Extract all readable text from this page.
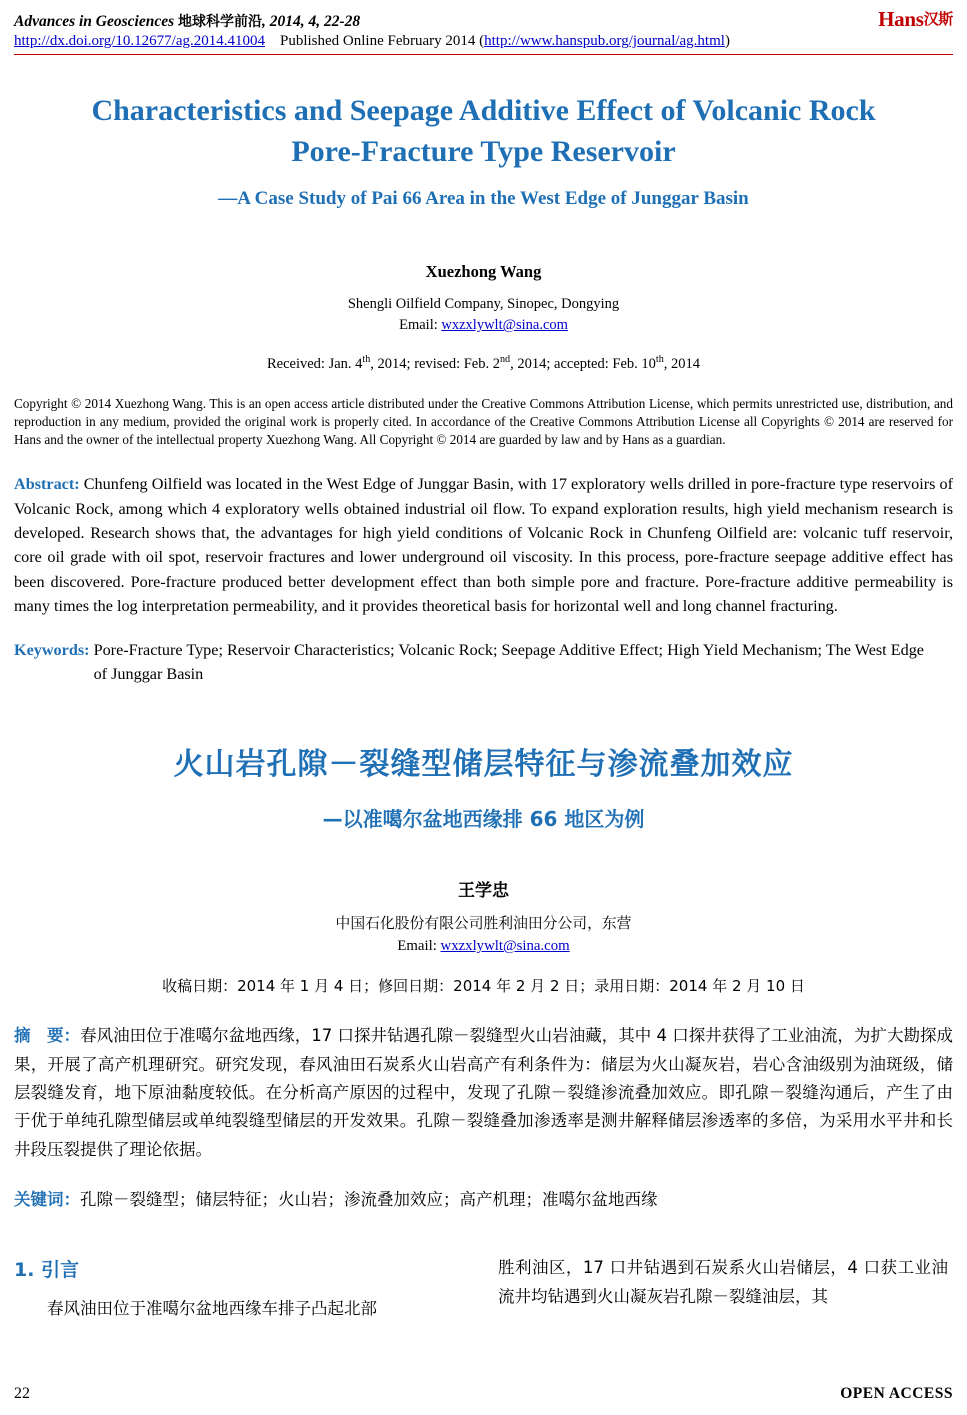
Advances in Geosciences 地球科学前沿, 2014, 4, 22-28	Hans汉斯
http://dx.doi.org/10.12677/ag.2014.41004 Published Online February 2014 (http://www.hanspub.org/journal/ag.html)
Characteristics and Seepage Additive Effect of Volcanic Rock Pore-Fracture Type Reservoir
—A Case Study of Pai 66 Area in the West Edge of Junggar Basin
Xuezhong Wang
Shengli Oilfield Company, Sinopec, Dongying
Email: wxzxlywlt@sina.com
Received: Jan. 4th, 2014; revised: Feb. 2nd, 2014; accepted: Feb. 10th, 2014
Copyright © 2014 Xuezhong Wang. This is an open access article distributed under the Creative Commons Attribution License, which permits unrestricted use, distribution, and reproduction in any medium, provided the original work is properly cited. In accordance of the Creative Commons Attribution License all Copyrights © 2014 are reserved for Hans and the owner of the intellectual property Xuezhong Wang. All Copyright © 2014 are guarded by law and by Hans as a guardian.
Abstract: Chunfeng Oilfield was located in the West Edge of Junggar Basin, with 17 exploratory wells drilled in pore-fracture type reservoirs of Volcanic Rock, among which 4 exploratory wells obtained industrial oil flow. To expand exploration results, high yield mechanism research is developed. Research shows that, the advantages for high yield conditions of Volcanic Rock in Chunfeng Oilfield are: volcanic tuff reservoir, core oil grade with oil spot, reservoir fractures and lower underground oil viscosity. In this process, pore-fracture seepage additive effect has been discovered. Pore-fracture produced better development effect than both simple pore and fracture. Pore-fracture additive permeability is many times the log interpretation permeability, and it provides theoretical basis for horizontal well and long channel fracturing.
Keywords: Pore-Fracture Type; Reservoir Characteristics; Volcanic Rock; Seepage Additive Effect; High Yield Mechanism; The West Edge of Junggar Basin
火山岩孔隙－裂缝型储层特征与渗流叠加效应
—以准噶尔盆地西缘排 66 地区为例
王学忠
中国石化股份有限公司胜利油田分公司，东营
Email: wxzxlywlt@sina.com
收稿日期：2014 年 1 月 4 日；修回日期：2014 年 2 月 2 日；录用日期：2014 年 2 月 10 日
摘　要：春风油田位于准噶尔盆地西缘，17 口探井钻遇孔隙－裂缝型火山岩油藏，其中 4 口探井获得了工业油流，为扩大勘探成果，开展了高产机理研究。研究发现，春风油田石炭系火山岩高产有利条件为：储层为火山凝灰岩，岩心含油级别为油斑级，储层裂缝发育，地下原油黏度较低。在分析高产原因的过程中，发现了孔隙－裂缝渗流叠加效应。即孔隙－裂缝沟通后，产生了由于优于单纯孔隙型储层或单纯裂缝型储层的开发效果。孔隙－裂缝叠加渗透率是测井解释储层渗透率的多倍，为采用水平井和长井段压裂提供了理论依据。
关键词：孔隙－裂缝型；储层特征；火山岩；渗流叠加效应；高产机理；准噶尔盆地西缘
1. 引言
春风油田位于准噶尔盆地西缘车排子凸起北部
胜利油区，17 口井钻遇到石炭系火山岩储层，4 口获工业油流井均钻遇到火山凝灰岩孔隙－裂缝油层，其
22	OPEN ACCESS
